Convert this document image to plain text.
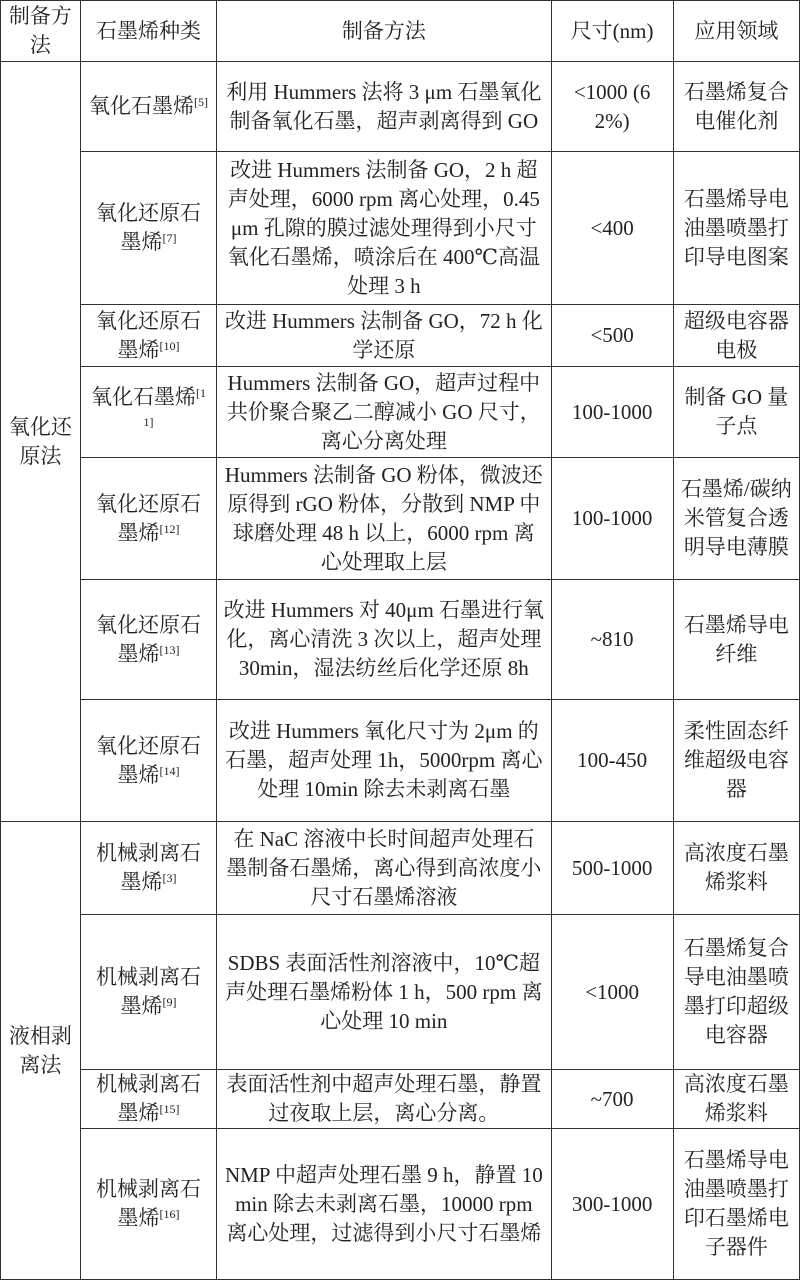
制备方法	石墨烯种类	制备方法	尺寸(nm)	应用领域
氧化还原法	氧化石墨烯[5]	利用 Hummers 法将 3 μm 石墨氧化制备氧化石墨，超声剥离得到 GO	<1000 (62%)	石墨烯复合电催化剂
	氧化还原石墨烯[7]	改进 Hummers 法制备 GO，2 h 超声处理，6000 rpm 离心处理，0.45 μm 孔隙的膜过滤处理得到小尺寸氧化石墨烯，喷涂后在 400℃高温处理 3 h	<400	石墨烯导电油墨喷墨打印导电图案
	氧化还原石墨烯[10]	改进 Hummers 法制备 GO，72 h 化学还原	<500	超级电容器电极
	氧化石墨烯[11]	Hummers 法制备 GO，超声过程中共价聚合聚乙二醇减小 GO 尺寸，离心分离处理	100-1000	制备 GO 量子点
	氧化还原石墨烯[12]	Hummers 法制备 GO 粉体，微波还原得到 rGO 粉体，分散到 NMP 中球磨处理 48 h 以上，6000 rpm 离心处理取上层	100-1000	石墨烯/碳纳米管复合透明导电薄膜
	氧化还原石墨烯[13]	改进 Hummers 对 40μm 石墨进行氧化，离心清洗 3 次以上，超声处理 30min，湿法纺丝后化学还原 8h	~810	石墨烯导电纤维
	氧化还原石墨烯[14]	改进 Hummers 氧化尺寸为 2μm 的石墨，超声处理 1h，5000rpm 离心处理 10min 除去未剥离石墨	100-450	柔性固态纤维超级电容器
液相剥离法	机械剥离石墨烯[3]	在 NaC 溶液中长时间超声处理石墨制备石墨烯，离心得到高浓度小尺寸石墨烯溶液	500-1000	高浓度石墨烯浆料
	机械剥离石墨烯[9]	SDBS 表面活性剂溶液中，10℃超声处理石墨烯粉体 1 h，500 rpm 离心处理 10 min	<1000	石墨烯复合导电油墨喷墨打印超级电容器
	机械剥离石墨烯[15]	表面活性剂中超声处理石墨，静置过夜取上层，离心分离。	~700	高浓度石墨烯浆料
	机械剥离石墨烯[16]	NMP 中超声处理石墨 9 h，静置 10 min 除去未剥离石墨，10000 rpm 离心处理，过滤得到小尺寸石墨烯	300-1000	石墨烯导电油墨喷墨打印石墨烯电子器件
